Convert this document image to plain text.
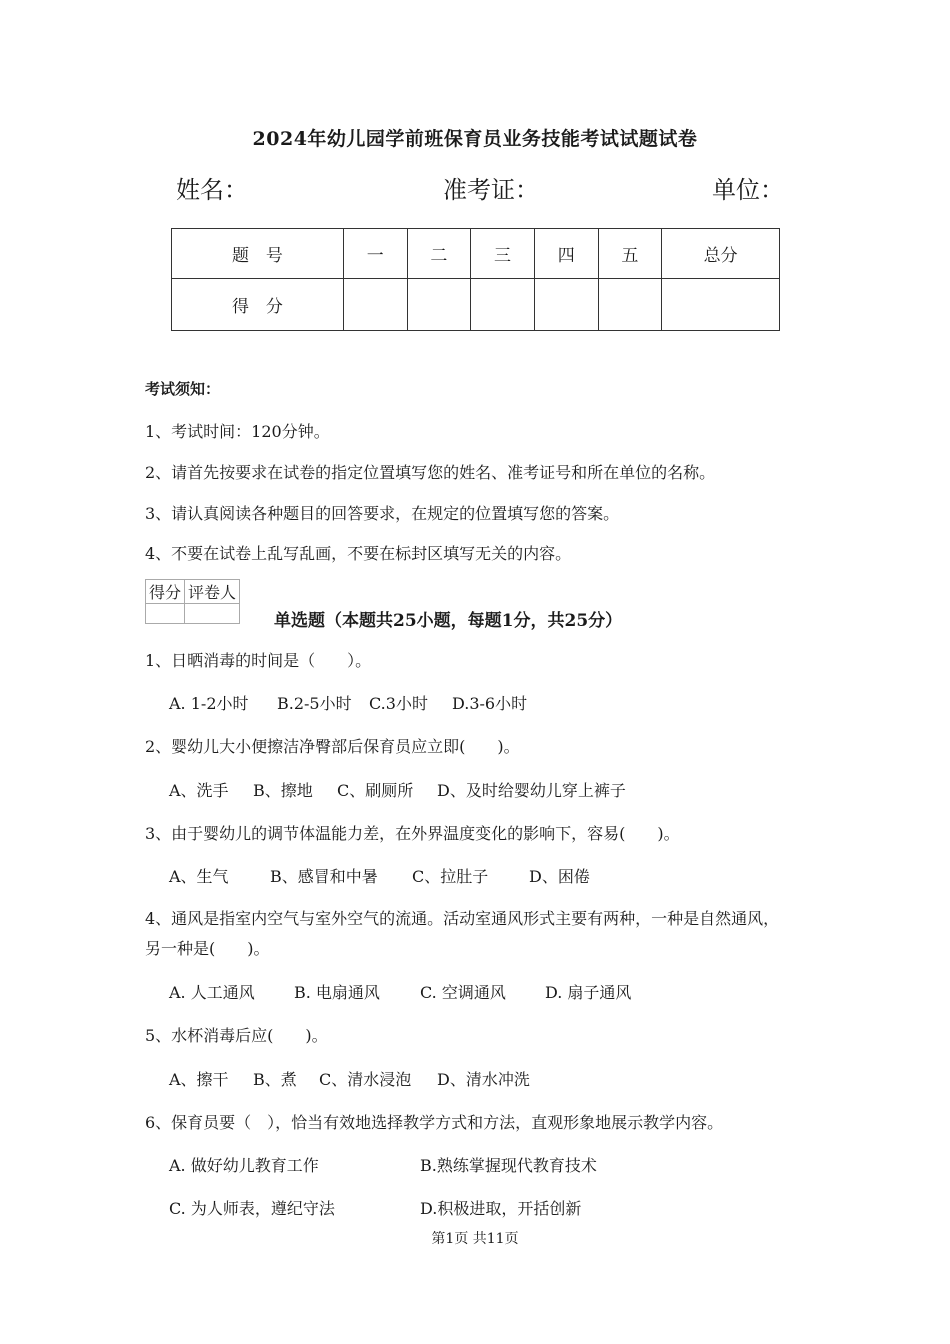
2024年幼儿园学前班保育员业务技能考试试题试卷
姓名：	准考证：	单位：
题　号	一	二	三	四	五	总分
得　分						
考试须知：
1、考试时间：120分钟。
2、请首先按要求在试卷的指定位置填写您的姓名、准考证号和所在单位的名称。
3、请认真阅读各种题目的回答要求，在规定的位置填写您的答案。
4、不要在试卷上乱写乱画，不要在标封区填写无关的内容。
得分	评卷人

单选题（本题共25小题，每题1分，共25分）
1、日晒消毒的时间是（　　）。
A. 1-2小时 B.2-5小时 C.3小时 D.3-6小时
2、婴幼儿大小便擦洁净臀部后保育员应立即(　　)。
A、洗手 B、擦地 C、刷厕所 D、及时给婴幼儿穿上裤子
3、由于婴幼儿的调节体温能力差，在外界温度变化的影响下，容易(　　)。
A、生气	B、感冒和中暑 C、拉肚子	D、困倦
4、通风是指室内空气与室外空气的流通。活动室通风形式主要有两种，一种是自然通风，
另一种是(　　)。
A. 人工通风 B. 电扇通风	C. 空调通风 D. 扇子通风
5、水杯消毒后应(　　)。
A、擦干 B、煮 C、清水浸泡 D、清水冲洗
6、保育员要（　），恰当有效地选择教学方式和方法，直观形象地展示教学内容。
A. 做好幼儿教育工作	B.熟练掌握现代教育技术
C. 为人师表，遵纪守法	D.积极进取，开括创新
第1页 共11页
